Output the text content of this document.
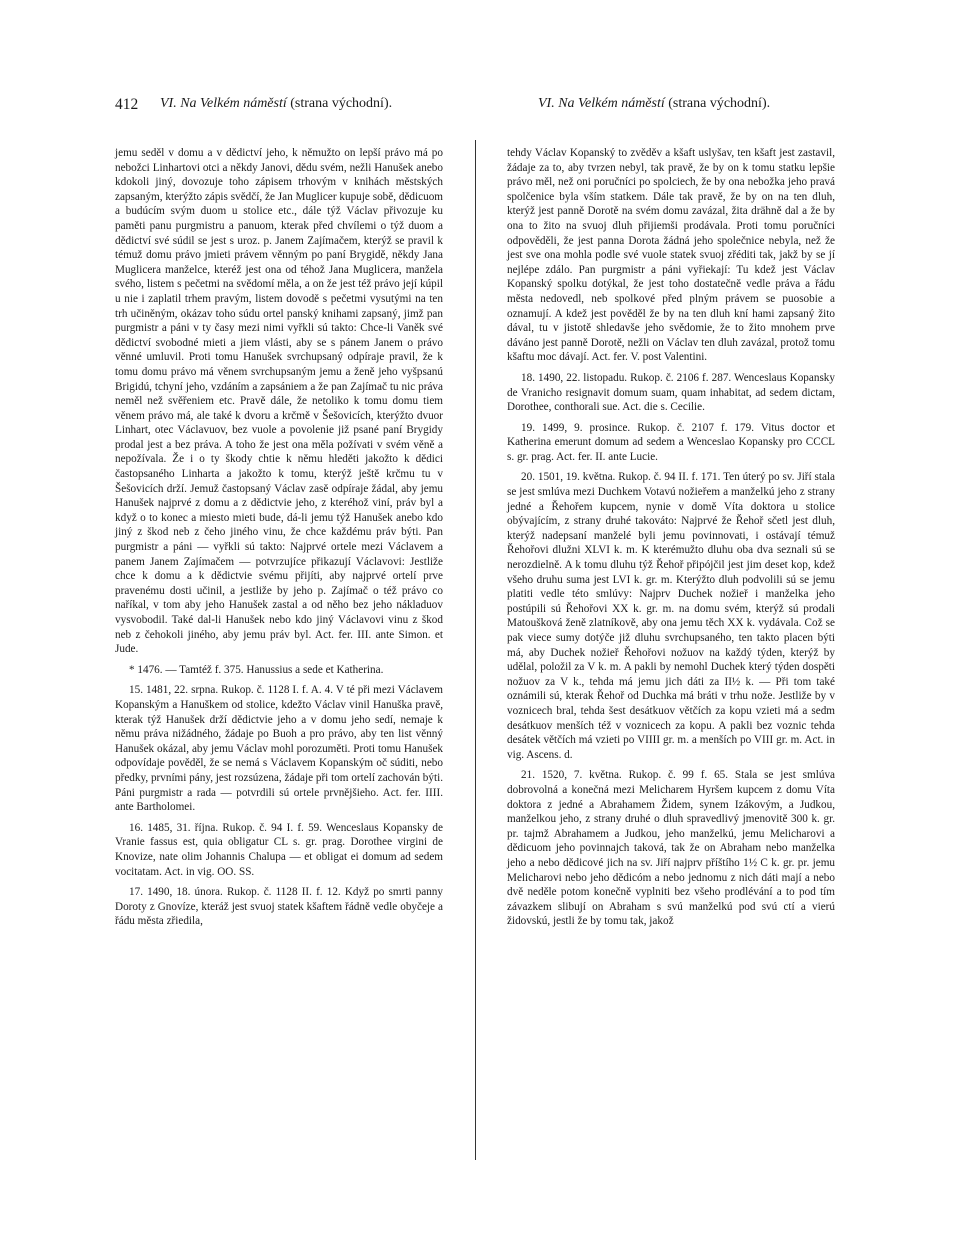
412 VI. Na Velkém náměstí (strana východní).	VI. Na Velkém náměstí (strana východní).

jemu seděl v domu a v dědictví jeho, k němužto on lepší právo má po nebožci Linhartovi otci a někdy Janovi, dědu svém, nežli Hanušek anebo kdokoli jiný, dovozuje toho zápisem trhovým v knihách městských zapsaným, kterýžto zápis svědčí, že Jan Muglicer kupuje sobě, dědicuom a budúcím svým duom u stolice etc., dále týž Václav přivozuje ku paměti panu purgmistru a panuom, kterak před chvílemi o týž duom a dědictví své súdil se jest s uroz. p. Janem Zajímačem, kterýž se pravil k témuž domu právo jmieti právem věnným po paní Brygidě, někdy Jana Muglicera manželce, kteréž jest ona od téhož Jana Muglicera, manžela svého, listem s pečetmi na svědomí měla, a on že jest též právo její kúpil u nie i zaplatil trhem pravým, listem dovodě s pečetmi vysutými na ten trh učiněným, okázav toho súdu ortel panský knihami zapsaný, jimž pan purgmistr a páni v ty časy mezi nimi vyřkli sú takto: Chce-li Vaněk své dědictví svobodné mieti a jiem vlásti, aby se s pánem Janem o právo věnné umluvil. Proti tomu Hanušek svrchupsaný odpíraje pravil, že k tomu domu právo má věnem svrchupsaným jemu a ženě jeho vyšpsanú Brigidú, tchyní jeho, vzdáním a zapsániem a že pan Zajímač tu nic práva neměl než svěřeniem etc. Pravě dále, že netoliko k tomu domu tiem věnem právo má, ale také k dvoru a krčmě v Šešovicích, kterýžto dvuor Linhart, otec Václavuov, bez vuole a povolenie již psané paní Brygidy prodal jest a bez práva. A toho že jest ona měla požívati v svém věně a nepožívala. Že i o ty škody chtie k němu hleděti jakožto k dědici častopsaného Linharta a jakožto k tomu, kterýž ještě krčmu tu v Šešovicích drží. Jemuž častopsaný Václav zasě odpíraje žádal, aby jemu Hanušek najprvé z domu a z dědictvie jeho, z kteréhož viní, práv byl a když o to konec a miesto mieti bude, dá-li jemu týž Hanušek anebo kdo jiný z škod neb z čeho jiného vinu, že chce každému práv býti. Pan purgmistr a páni — vyřkli sú takto: Najprvé ortele mezi Václavem a panem Janem Zajímačem — potvrzujíce přikazují Václavovi: Jestliže chce k domu a k dědictvie svému přijíti, aby najprvé ortelí prve pravenému dosti učinil, a jestliže by jeho p. Zajímač o též právo co naříkal, v tom aby jeho Hanušek zastal a od něho bez jeho nákladuov vysvobodil. Také dal-li Hanušek nebo kdo jiný Václavovi vinu z škod neb z čehokoli jiného, aby jemu práv byl. Act. fer. III. ante Simon. et Jude.

* 1476. — Tamtéž f. 375. Hanussius a sede et Katherina.

15. 1481, 22. srpna. Rukop. č. 1128 I. f. A. 4. V té při mezi Václavem Kopanským a Hanuškem od stolice, kdežto Václav vinil Hanuška pravě, kterak týž Hanušek drží dědictvie jeho a v domu jeho sedí, nemaje k němu práva nižádného, žádaje po Buoh a pro právo, aby ten list věnný Hanušek okázal, aby jemu Václav mohl porozuměti. Proti tomu Hanušek odpovídaje pověděl, že se nemá s Václavem Kopanským oč súditi, nebo předky, prvními pány, jest rozsúzena, žádaje při tom ortelí zachován býti. Páni purgmistr a rada — potvrdili sú ortele prvnějšieho. Act. fer. IIII. ante Bartholomei.

16. 1485, 31. října. Rukop. č. 94 I. f. 59. Wenceslaus Kopansky de Vranie fassus est, quia obligatur CL s. gr. prag. Dorothee virgini de Knovize, nate olim Johannis Chalupa — et obligat ei domum ad sedem vocitatam. Act. in vig. OO. SS.

17. 1490, 18. února. Rukop. č. 1128 II. f. 12. Když po smrti panny Doroty z Gnovíze, kteráž jest svuoj statek kšaftem řádně vedle obyčeje a řádu města zřiedila,

tehdy Václav Kopanský to zvěděv a kšaft uslyšav, ten kšaft jest zastavil, žádaje za to, aby tvrzen nebyl, tak pravě, že by on k tomu statku lepšie právo měl, než oni poručníci po spolciech, že by ona nebožka jeho pravá spolčenice byla vším statkem. Dále tak pravě, že by on na ten dluh, kterýž jest panně Dorotě na svém domu zavázal, žita drähně dal a že by ona to žito na svuoj dluh přijiemši prodávala. Proti tomu poručníci odpověděli, že jest panna Dorota žádná jeho společnice nebyla, než že jest sve ona mohla podle své vuole statek svuoj zřéditi tak, jakž by se jí nejlépe zdálo. Pan purgmistr a páni vyřiekají: Tu kdež jest Václav Kopanský spolku dotýkal, že jest toho dostatečně vedle práva a řádu města nedovedl, neb spolkové před plným právem se puosobie a oznamují. A kdež jest pověděl že by na ten dluh kní hami zapsaný žito dával, tu v jistotě shledavše jeho svědomie, že to žito mnohem prve dáváno jest panně Dorotě, nežli on Václav ten dluh zavázal, protož tomu kšaftu moc dávají. Act. fer. V. post Valentini.

18. 1490, 22. listopadu. Rukop. č. 2106 f. 287. Wenceslaus Kopansky de Vranicho resignavit domum suam, quam inhabitat, ad sedem dictam, Dorothee, conthorali sue. Act. die s. Cecilie.

19. 1499, 9. prosince. Rukop. č. 2107 f. 179. Vitus doctor et Katherina emerunt domum ad sedem a Wenceslao Kopansky pro CCCL s. gr. prag. Act. fer. II. ante Lucie.

20. 1501, 19. května. Rukop. č. 94 II. f. 171. Ten úterý po sv. Jiří stala se jest smlúva mezi Duchkem Votavú nožieřem a manželkú jeho z strany jedné a Řehořem kupcem, nynie v domě Víta doktora u stolice obývajícím, z strany druhé takováto: Najprvé že Řehoř sčetl jest dluh, kterýž nadepsaní manželé byli jemu povinnovati, i ostávají témuž Řehořovi dlužni XLVI k. m. K kterémužto dluhu oba dva seznali sú se nerozdielně. A k tomu dluhu týž Řehoř připójčil jest jim deset kop, kdež všeho druhu suma jest LVI k. gr. m. Kterýžto dluh podvolili sú se jemu platiti vedle této smlúvy: Najprv Duchek nožieř i manželka jeho postúpili sú Řehořovi XX k. gr. m. na domu svém, kterýž sú prodali Matoušková ženě zlatníkově, aby ona jemu těch XX k. vydávala. Což se pak viece sumy dotýče již dluhu svrchupsaného, ten takto placen býti má, aby Duchek nožieř Řehořovi nožuov na každý týden, kterýž by udělal, položil za V k. m. A pakli by nemohl Duchek který týden dospěti nožuov za V k., tehda má jemu jich dáti za II½ k. — Při tom také oznámili sú, kterak Řehoř od Duchka má bráti v trhu nože. Jestliže by v voznicech bral, tehda šest desátkuov větčích za kopu vzieti má a sedm desátkuov menších též v voznicech za kopu. A pakli bez voznic tehda desátek větčích má vzieti po VIIII gr. m. a menších po VIII gr. m. Act. in vig. Ascens. d.

21. 1520, 7. května. Rukop. č. 99 f. 65. Stala se jest smlúva dobrovolná a konečná mezi Melicharem Hyršem kupcem z domu Víta doktora z jedné a Abrahamem Židem, synem Izákovým, a Judkou, manželkou jeho, z strany druhé o dluh spravedlivý jmenovitě 300 k. gr. pr. tajmž Abrahamem a Judkou, jeho manželkú, jemu Melicharovi a dědicuom jeho povinnajch taková, tak že on Abraham nebo manželka jeho a nebo dědicové jich na sv. Jiří najprv příštího 1½ C k. gr. pr. jemu Melicharovi nebo jeho dědicóm a nebo jednomu z nich dáti mají a nebo dvě neděle potom konečně vyplniti bez všeho prodlévání a to pod tím závazkem slibují on Abraham s svú manželkú pod svú ctí a vierú židovskú, jestli že by tomu tak, jakož
